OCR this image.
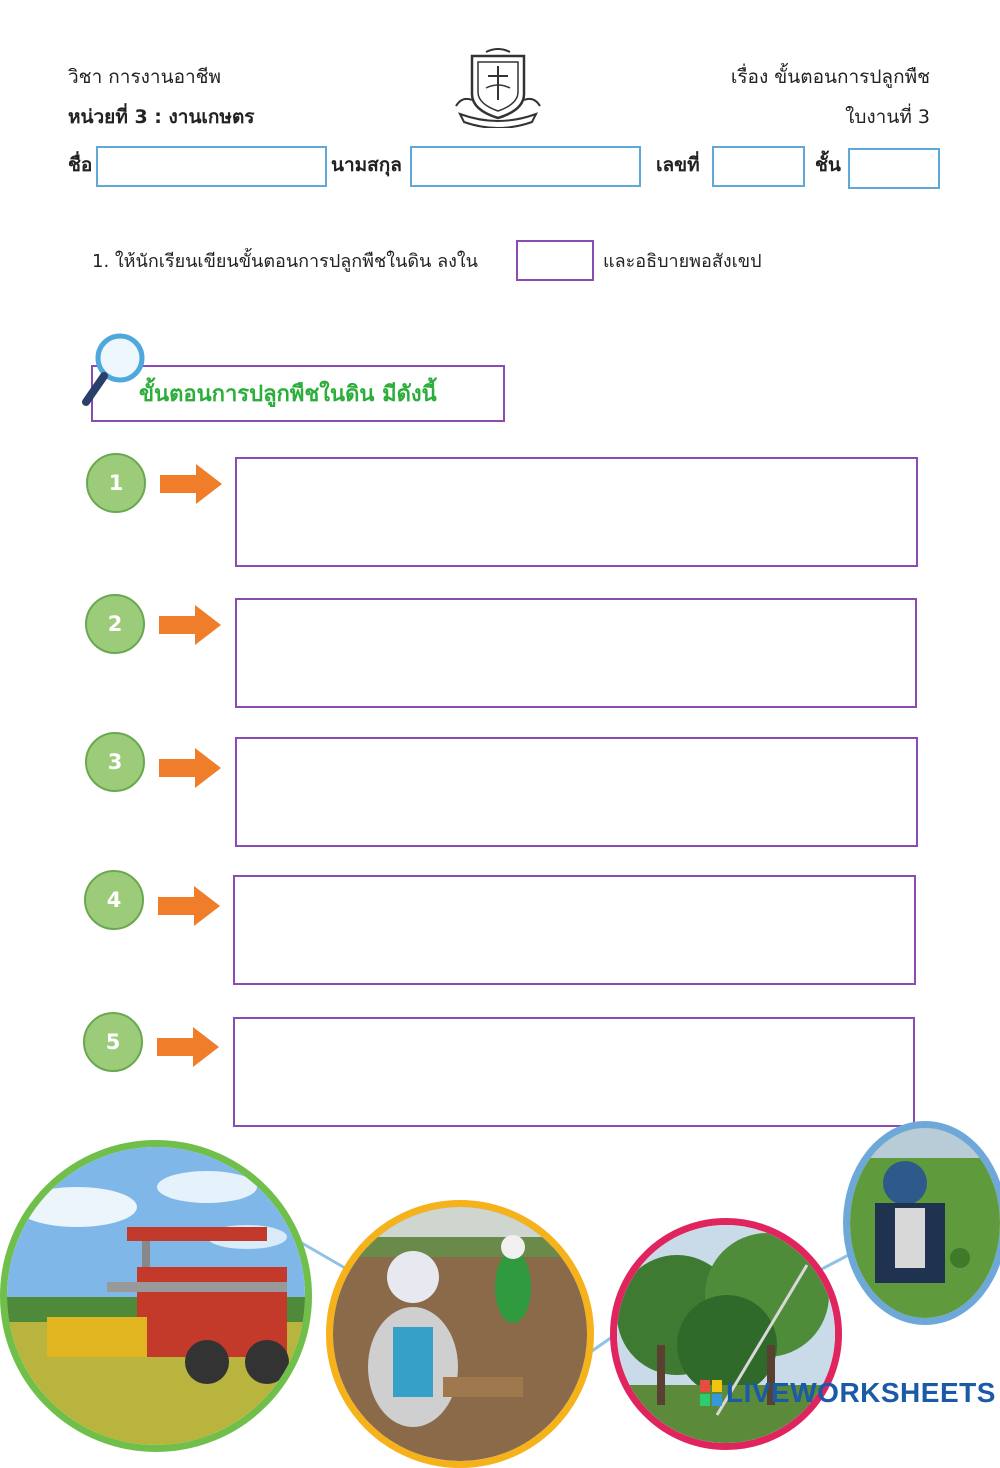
วิชา การงานอาชีพ
หน่วยที่ 3 : งานเกษตร
เรื่อง ขั้นตอนการปลูกพืช
ใบงานที่ 3
ชื่อ	นามสกุล	เลขที่	ชั้น
1. ให้นักเรียนเขียนขั้นตอนการปลูกพืชในดิน ลงใน	และอธิบายพอสังเขป
ขั้นตอนการปลูกพืชในดิน มีดังนี้
1
2
3
4
5
LIVEWORKSHEETS
